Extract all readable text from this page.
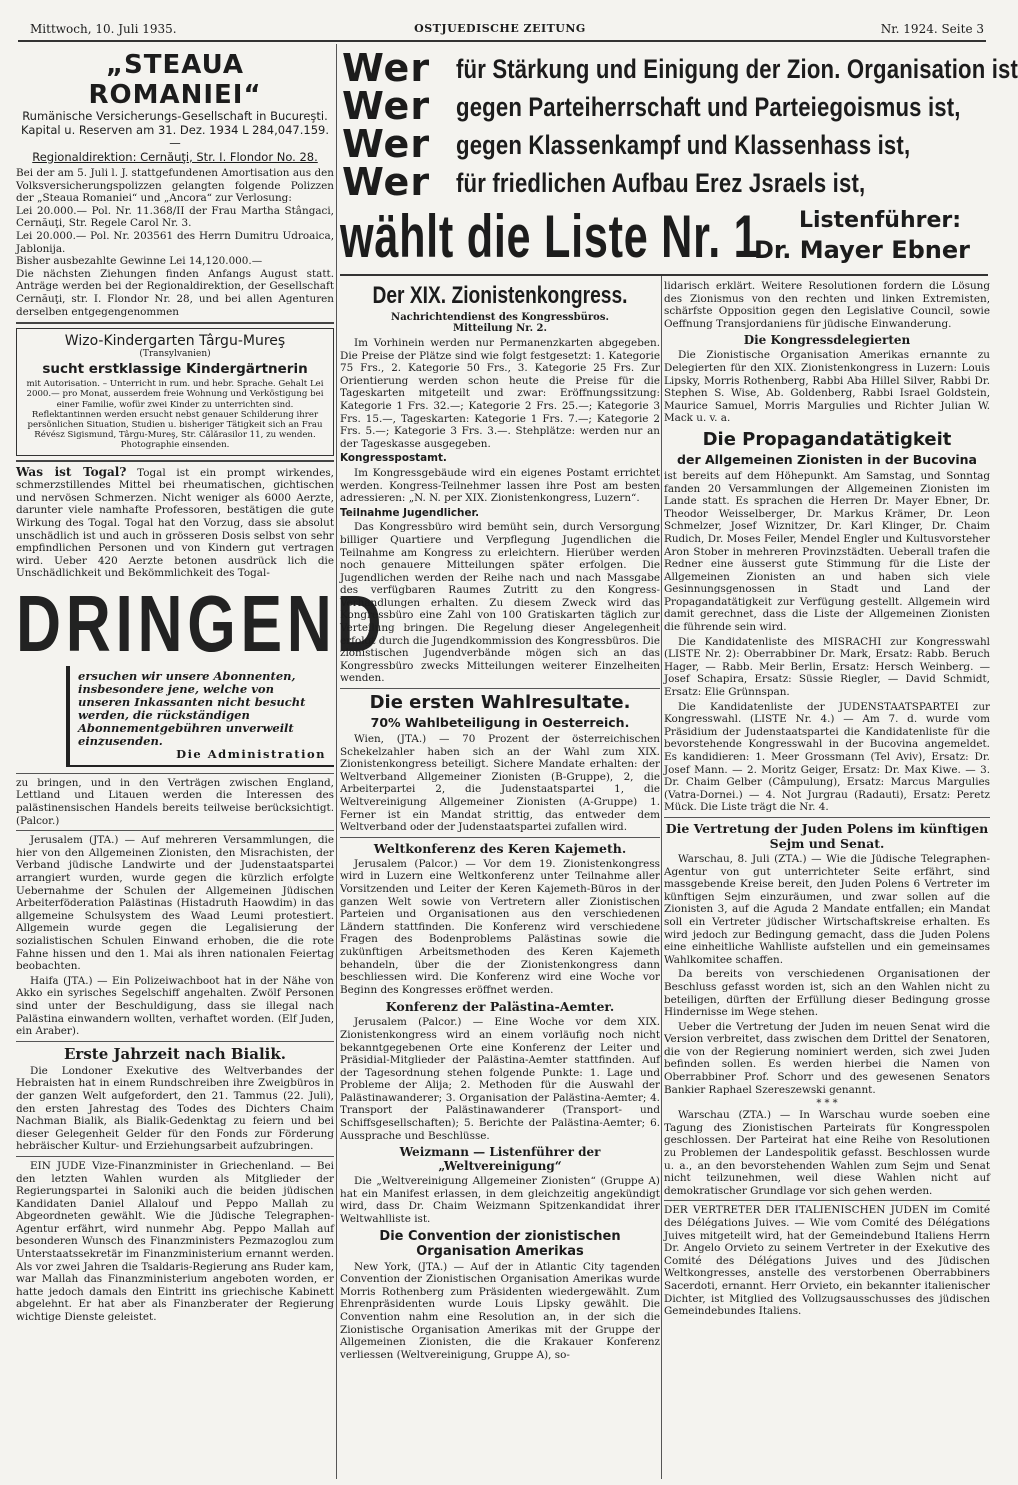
Mittwoch, 10. Juli 1935.	OSTJUEDISCHE ZEITUNG	Nr. 1924. Seite 3
„STEAUA ROMANIEI“
Rumänische Versicherungs-Gesellschaft in Bucureşti.
Kapital u. Reserven am 31. Dez. 1934 L 284,047.159.—
Regionaldirektion: Cernăuţi, Str. I. Flondor No. 28.
Bei der am 5. Juli l. J. stattgefundenen Amortisation aus den Volksversicherungspolizzen gelangten folgende Polizzen der „Steaua Romaniei“ und „Ancora“ zur Verlosung:
Lei 20.000.— Pol. Nr. 11.368/II der Frau Martha Stângaci, Cernăuţi, Str. Regele Carol Nr. 3.
Lei 20.000.— Pol. Nr. 203561 des Herrn Dumitru Udroaica, Jablonija.
Bisher ausbezahlte Gewinne Lei 14,120.000.—
Die nächsten Ziehungen finden Anfangs August statt. Anträge werden bei der Regionaldirektion, der Gesellschaft Cernăuţi, str. I. Flondor Nr. 28, und bei allen Agenturen derselben entgegengenommen
Wizo-Kindergarten Târgu-Mureş
(Transylvanien)
sucht erstklassige Kindergärtnerin
mit Autorisation. – Unterricht in rum. und hebr. Sprache. Gehalt Lei 2000.— pro Monat, ausserdem freie Wohnung und Verköstigung bei einer Familie, wofür zwei Kinder zu unterrichten sind. Reflektantinnen werden ersucht nebst genauer Schilderung ihrer persönlichen Situation, Studien u. bisheriger Tätigkeit sich an Frau Révész Sigismund, Târgu-Mureş, Str. Călărasilor 11, zu wenden. Photographie einsenden.

Was ist Togal? Togal ist ein prompt wirkendes, schmerzstillendes Mittel bei rheumatischen, gichtischen und nervösen Schmerzen. Nicht weniger als 6000 Aerzte, darunter viele namhafte Professoren, bestätigen die gute Wirkung des Togal. Togal hat den Vorzug, dass sie absolut unschädlich ist und auch in grösseren Dosis selbst von sehr empfindlichen Personen und von Kindern gut vertragen wird. Ueber 420 Aerzte betonen ausdrück lich die Unschädlichkeit und Bekömmlichkeit des Togal-

DRINGEND
ersuchen wir unsere Abonnenten, insbesondere jene, welche von unseren Inkassanten nicht besucht werden, die rückständigen Abonnementgebühren unverweilt einzusenden.
Die Administration

zu bringen, und in den Verträgen zwischen England, Lettland und Litauen werden die Interessen des palästinensischen Handels bereits teilweise berücksichtigt. (Palcor.)

Jerusalem (JTA.) — Auf mehreren Versammlungen, die hier von den Allgemeinen Zionisten, den Misrachisten, der Verband jüdische Landwirte und der Judenstaatspartei arrangiert wurden, wurde gegen die kürzlich erfolgte Uebernahme der Schulen der Allgemeinen Jüdischen Arbeiterföderation Palästinas (Histadruth Haowdim) in das allgemeine Schulsystem des Waad Leumi protestiert. Allgemein wurde gegen die Legalisierung der sozialistischen Schulen Einwand erhoben, die die rote Fahne hissen und den 1. Mai als ihren nationalen Feiertag beobachten.

Haifa (JTA.) — Ein Polizeiwachboot hat in der Nähe von Akko ein syrisches Segelschiff angehalten. Zwölf Personen sind unter der Beschuldigung, dass sie illegal nach Palästina einwandern wollten, verhaftet worden. (Elf Juden, ein Araber).

Erste Jahrzeit nach Bialik.

Die Londoner Exekutive des Weltverbandes der Hebraisten hat in einem Rundschreiben ihre Zweigbüros in der ganzen Welt aufgefordert, den 21. Tammus (22. Juli), den ersten Jahrestag des Todes des Dichters Chaim Nachman Bialik, als Bialik-Gedenktag zu feiern und bei dieser Gelegenheit Gelder für den Fonds zur Förderung hebräischer Kultur- und Erziehungsarbeit aufzubringen.

EIN JUDE Vize-Finanzminister in Griechenland. — Bei den letzten Wahlen wurden als Mitglieder der Regierungspartei in Saloniki auch die beiden jüdischen Kandidaten Daniel Allalouf und Peppo Mallah zu Abgeordneten gewählt. Wie die Jüdische Telegraphen-Agentur erfährt, wird nunmehr Abg. Peppo Mallah auf besonderen Wunsch des Finanzministers Pezmazoglou zum Unterstaatssekretär im Finanzministerium ernannt werden. Als vor zwei Jahren die Tsaldaris-Regierung ans Ruder kam, war Mallah das Finanzministerium angeboten worden, er hatte jedoch damals den Eintritt ins griechische Kabinett abgelehnt. Er hat aber als Finanzberater der Regierung wichtige Dienste geleistet.

Wer für Stärkung und Einigung der Zion. Organisation ist
Wer gegen Parteiherrschaft und Parteiegoismus ist,
Wer gegen Klassenkampf und Klassenhass ist,
Wer für friedlichen Aufbau Erez Jsraels ist,
wählt die Liste Nr. 1	Listenführer:
Dr. Mayer Ebner
Der XIX. Zionistenkongress.
Nachrichtendienst des Kongressbüros.
Mitteilung Nr. 2.

Im Vorhinein werden nur Permanenzkarten abgegeben. Die Preise der Plätze sind wie folgt festgesetzt: 1. Kategorie 75 Frs., 2. Kategorie 50 Frs., 3. Kategorie 25 Frs. Zur Orientierung werden schon heute die Preise für die Tageskarten mitgeteilt und zwar: Eröffnungssitzung: Kategorie 1 Frs. 32.—; Kategorie 2 Frs. 25.—; Kategorie 3 Frs. 15.—, Tageskarten: Kategorie 1 Frs. 7.—; Kategorie 2 Frs. 5.—; Kategorie 3 Frs. 3.—. Stehplätze: werden nur an der Tageskasse ausgegeben.

Kongresspostamt.

Im Kongressgebäude wird ein eigenes Postamt errichtet werden. Kongress-Teilnehmer lassen ihre Post am besten adressieren: „N. N. per XIX. Zionistenkongress, Luzern“.

Teilnahme Jugendlicher.

Das Kongressbüro wird bemüht sein, durch Versorgung billiger Quartiere und Verpflegung Jugendlichen die Teilnahme am Kongress zu erleichtern. Hierüber werden noch genauere Mitteilungen später erfolgen. Die Jugendlichen werden der Reihe nach und nach Massgabe des verfügbaren Raumes Zutritt zu den Kongress-Verhandlungen erhalten. Zu diesem Zweck wird das Kongressbüro eine Zahl von 100 Gratiskarten täglich zur Verteilung bringen. Die Regelung dieser Angelegenheit erfolgt durch die Jugendkommission des Kongressbüros. Die zionistischen Jugendverbände mögen sich an das Kongressbüro zwecks Mitteilungen weiterer Einzelheiten wenden.

Die ersten Wahlresultate.
70% Wahlbeteiligung in Oesterreich.

Wien, (JTA.) — 70 Prozent der österreichischen Schekelzahler haben sich an der Wahl zum XIX. Zionistenkongress beteiligt. Sichere Mandate erhalten: der Weltverband Allgemeiner Zionisten (B-Gruppe), 2, die Arbeiterpartei 2, die Judenstaatspartei 1, die Weltvereinigung Allgemeiner Zionisten (A-Gruppe) 1. Ferner ist ein Mandat strittig, das entweder dem Weltverband oder der Judenstaatspartei zufallen wird.

Weltkonferenz des Keren Kajemeth.

Jerusalem (Palcor.) — Vor dem 19. Zionistenkongress wird in Luzern eine Weltkonferenz unter Teilnahme aller Vorsitzenden und Leiter der Keren Kajemeth-Büros in der ganzen Welt sowie von Vertretern aller Zionistischen Parteien und Organisationen aus den verschiedenen Ländern stattfinden. Die Konferenz wird verschiedene Fragen des Bodenproblems Palästinas sowie die zukünftigen Arbeitsmethoden des Keren Kajemeth behandeln, über die der Zionistenkongress dann beschliessen wird. Die Konferenz wird eine Woche vor Beginn des Kongresses eröffnet werden.

Konferenz der Palästina-Aemter.

Jerusalem (Palcor.) — Eine Woche vor dem XIX. Zionistenkongress wird an einem vorläufig noch nicht bekanntgegebenen Orte eine Konferenz der Leiter und Präsidial-Mitglieder der Palästina-Aemter stattfinden. Auf der Tagesordnung stehen folgende Punkte: 1. Lage und Probleme der Alija; 2. Methoden für die Auswahl der Palästinawanderer; 3. Organisation der Palästina-Aemter; 4. Transport der Palästinawanderer (Transport- und Schiffsgesellschaften); 5. Berichte der Palästina-Aemter; 6. Aussprache und Beschlüsse.

Weizmann — Listenführer der „Weltvereinigung“

Die „Weltvereinigung Allgemeiner Zionisten“ (Gruppe A) hat ein Manifest erlassen, in dem gleichzeitig angekündigt wird, dass Dr. Chaim Weizmann Spitzenkandidat ihrer Weltwahlliste ist.

Die Convention der zionistischen Organisation Amerikas

New York, (JTA.) — Auf der in Atlantic City tagenden Convention der Zionistischen Organisation Amerikas wurde Morris Rothenberg zum Präsidenten wiedergewählt. Zum Ehrenpräsidenten wurde Louis Lipsky gewählt. Die Convention nahm eine Resolution an, in der sich die Zionistische Organisation Amerikas mit der Gruppe der Allgemeinen Zionisten, die die Krakauer Konferenz verliessen (Weltvereinigung, Gruppe A), so-

lidarisch erklärt. Weitere Resolutionen fordern die Lösung des Zionismus von den rechten und linken Extremisten, schärfste Opposition gegen den Legislative Council, sowie Oeffnung Transjordaniens für jüdische Einwanderung.

Die Kongressdelegierten

Die Zionistische Organisation Amerikas ernannte zu Delegierten für den XIX. Zionistenkongress in Luzern: Louis Lipsky, Morris Rothenberg, Rabbi Aba Hillel Silver, Rabbi Dr. Stephen S. Wise, Ab. Goldenberg, Rabbi Israel Goldstein, Maurice Samuel, Morris Margulies und Richter Julian W. Mack u. v. a.

Die Propagandatätigkeit
der Allgemeinen Zionisten in der Bucovina

ist bereits auf dem Höhepunkt. Am Samstag, und Sonntag fanden 20 Versammlungen der Allgemeinen Zionisten im Lande statt. Es sprachen die Herren Dr. Mayer Ebner, Dr. Theodor Weisselberger, Dr. Markus Krämer, Dr. Leon Schmelzer, Josef Wiznitzer, Dr. Karl Klinger, Dr. Chaim Rudich, Dr. Moses Feiler, Mendel Engler und Kultusvorsteher Aron Stober in mehreren Provinzstädten. Ueberall trafen die Redner eine äusserst gute Stimmung für die Liste der Allgemeinen Zionisten an und haben sich viele Gesinnungsgenossen in Stadt und Land der Propagandatätigkeit zur Verfügung gestellt. Allgemein wird damit gerechnet, dass die Liste der Allgemeinen Zionisten die führende sein wird.

Die Kandidatenliste des MISRACHI zur Kongresswahl (LISTE Nr. 2): Oberrabbiner Dr. Mark, Ersatz: Rabb. Beruch Hager, — Rabb. Meir Berlin, Ersatz: Hersch Weinberg. — Josef Schapira, Ersatz: Süssie Riegler, — David Schmidt, Ersatz: Elie Grünnspan.

Die Kandidatenliste der JUDENSTAATSPARTEI zur Kongresswahl. (LISTE Nr. 4.) — Am 7. d. wurde vom Präsidium der Judenstaatspartei die Kandidatenliste für die bevorstehende Kongresswahl in der Bucovina angemeldet. Es kandidieren: 1. Meer Grossmann (Tel Aviv), Ersatz: Dr. Josef Mann. — 2. Moritz Geiger, Ersatz: Dr. Max Kiwe. — 3. Dr. Chaim Gelber (Câmpulung), Ersatz: Marcus Margulies (Vatra-Dornei.) — 4. Not Jurgrau (Radauti), Ersatz: Peretz Mück. Die Liste trägt die Nr. 4.

Die Vertretung der Juden Polens im künftigen Sejm und Senat.

Warschau, 8. Juli (ZTA.) — Wie die Jüdische Telegraphen-Agentur von gut unterrichteter Seite erfährt, sind massgebende Kreise bereit, den Juden Polens 6 Vertreter im künftigen Sejm einzuräumen, und zwar sollen auf die Zionisten 3, auf die Aguda 2 Mandate entfallen; ein Mandat soll ein Vertreter jüdischer Wirtschaftskreise erhalten. Es wird jedoch zur Bedingung gemacht, dass die Juden Polens eine einheitliche Wahlliste aufstellen und ein gemeinsames Wahlkomitee schaffen.

Da bereits von verschiedenen Organisationen der Beschluss gefasst worden ist, sich an den Wahlen nicht zu beteiligen, dürften der Erfüllung dieser Bedingung grosse Hindernisse im Wege stehen.

Ueber die Vertretung der Juden im neuen Senat wird die Version verbreitet, dass zwischen dem Drittel der Senatoren, die von der Regierung nominiert werden, sich zwei Juden befinden sollen. Es werden hierbei die Namen von Oberrabbiner Prof. Schorr und des gewesenen Senators Bankier Raphael Szereszewski genannt.

* * *

Warschau (ZTA.) — In Warschau wurde soeben eine Tagung des Zionistischen Parteirats für Kongresspolen geschlossen. Der Parteirat hat eine Reihe von Resolutionen zu Problemen der Landespolitik gefasst. Beschlossen wurde u. a., an den bevorstehenden Wahlen zum Sejm und Senat nicht teilzunehmen, weil diese Wahlen nicht auf demokratischer Grundlage vor sich gehen werden.

DER VERTRETER DER ITALIENISCHEN JUDEN im Comité des Délégations Juives. — Wie vom Comité des Délégations Juives mitgeteilt wird, hat der Gemeindebund Italiens Herrn Dr. Angelo Orvieto zu seinem Vertreter in der Exekutive des Comité des Délégations Juives und des Jüdischen Weltkongresses, anstelle des verstorbenen Oberrabbiners Sacerdoti, ernannt. Herr Orvieto, ein bekannter italienischer Dichter, ist Mitglied des Vollzugsausschusses des jüdischen Gemeindebundes Italiens.
